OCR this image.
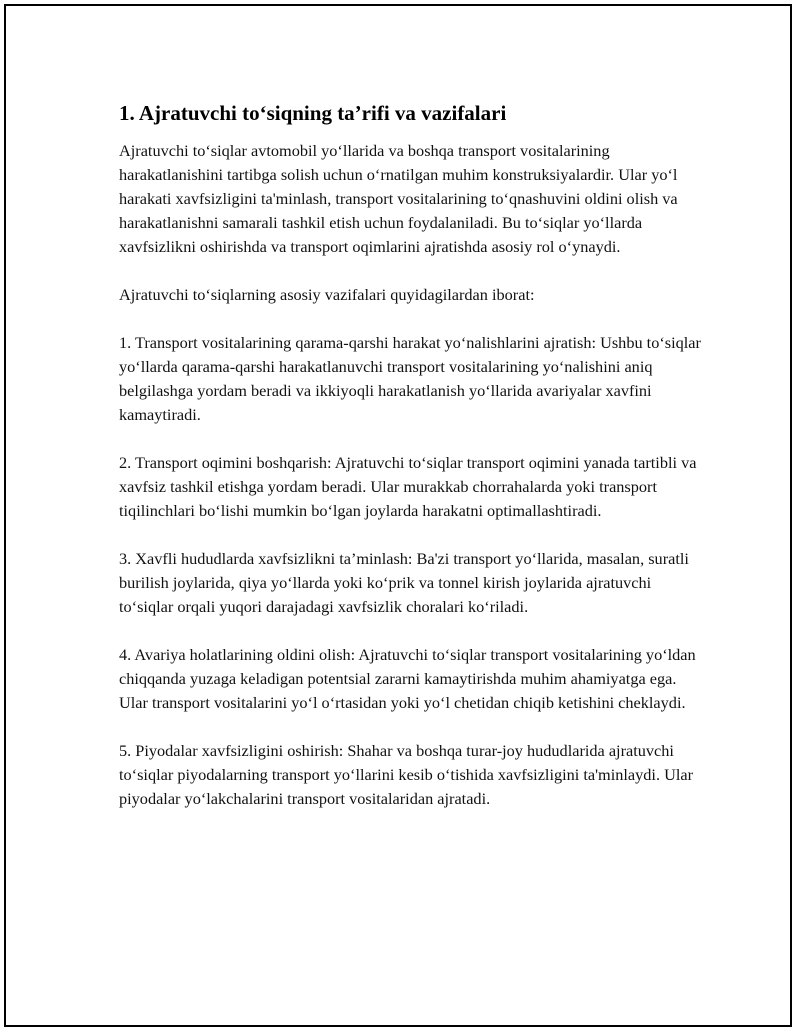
1. Ajratuvchi to‘siqning ta’rifi va vazifalari

Ajratuvchi to‘siqlar avtomobil yo‘llarida va boshqa transport vositalarining harakatlanishini tartibga solish uchun o‘rnatilgan muhim konstruksiyalardir. Ular yo‘l harakati xavfsizligini ta'minlash, transport vositalarining to‘qnashuvini oldini olish va harakatlanishni samarali tashkil etish uchun foydalaniladi. Bu to‘siqlar yo‘llarda xavfsizlikni oshirishda va transport oqimlarini ajratishda asosiy rol o‘ynaydi.

Ajratuvchi to‘siqlarning asosiy vazifalari quyidagilardan iborat:

1. Transport vositalarining qarama-qarshi harakat yo‘nalishlarini ajratish: Ushbu to‘siqlar yo‘llarda qarama-qarshi harakatlanuvchi transport vositalarining yo‘nalishini aniq belgilashga yordam beradi va ikkiyoqli harakatlanish yo‘llarida avariyalar xavfini kamaytiradi.

2. Transport oqimini boshqarish: Ajratuvchi to‘siqlar transport oqimini yanada tartibli va xavfsiz tashkil etishga yordam beradi. Ular murakkab chorrahalarda yoki transport tiqilinchlari bo‘lishi mumkin bo‘lgan joylarda harakatni optimallashtiradi.

3. Xavfli hududlarda xavfsizlikni ta’minlash: Ba'zi transport yo‘llarida, masalan, suratli burilish joylarida, qiya yo‘llarda yoki ko‘prik va tonnel kirish joylarida ajratuvchi to‘siqlar orqali yuqori darajadagi xavfsizlik choralari ko‘riladi.

4. Avariya holatlarining oldini olish: Ajratuvchi to‘siqlar transport vositalarining yo‘ldan chiqqanda yuzaga keladigan potentsial zararni kamaytirishda muhim ahamiyatga ega. Ular transport vositalarini yo‘l o‘rtasidan yoki yo‘l chetidan chiqib ketishini cheklaydi.

5. Piyodalar xavfsizligini oshirish: Shahar va boshqa turar-joy hududlarida ajratuvchi to‘siqlar piyodalarning transport yo‘llarini kesib o‘tishida xavfsizligini ta'minlaydi. Ular piyodalar yo‘lakchalarini transport vositalaridan ajratadi.
